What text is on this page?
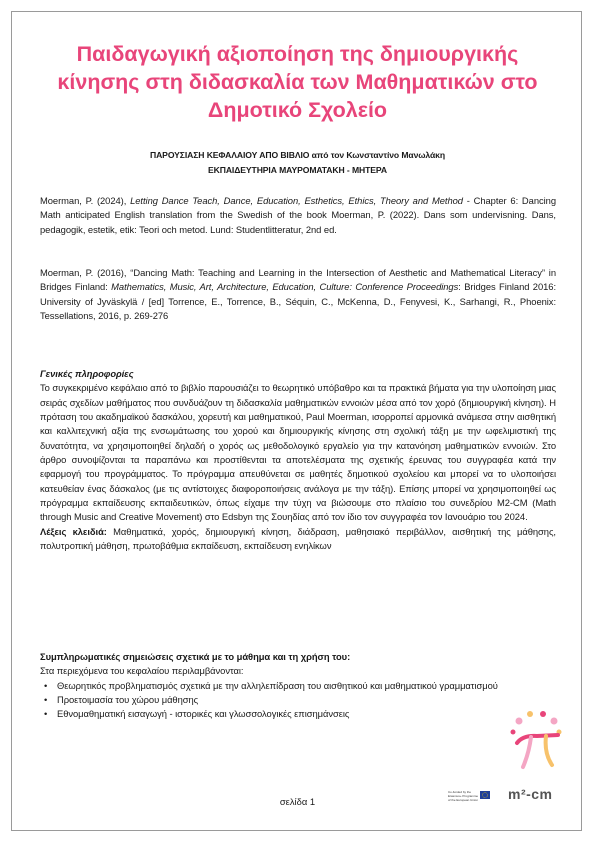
Παιδαγωγική αξιοποίηση της δημιουργικής κίνησης στη διδασκαλία των Μαθηματικών στο Δημοτικό Σχολείο
ΠΑΡΟΥΣΙΑΣΗ ΚΕΦΑΛΑΙΟΥ ΑΠΟ ΒΙΒΛΙΟ από τον Κωνσταντίνο Μανωλάκη
ΕΚΠΑΙΔΕΥΤΗΡΙΑ ΜΑΥΡΟΜΑΤΑΚΗ - ΜΗΤΕΡΑ
Moerman, P. (2024), Letting Dance Teach, Dance, Education, Esthetics, Ethics, Theory and Method - Chapter 6: Dancing Math anticipated English translation from the Swedish of the book Moerman, P. (2022). Dans som undervisning. Dans, pedagogik, estetik, etik: Teori och metod. Lund: Studentlitteratur, 2nd ed.
Moerman, P. (2016), “Dancing Math: Teaching and Learning in the Intersection of Aesthetic and Mathematical Literacy” in Bridges Finland: Mathematics, Music, Art, Architecture, Education, Culture: Conference Proceedings: Bridges Finland 2016: University of Jyväskylä / [ed] Torrence, E., Torrence, B., Séquin, C., McKenna, D., Fenyvesi, K., Sarhangi, R., Phoenix: Tessellations, 2016, p. 269-276
Γενικές πληροφορίες
Το συγκεκριμένο κεφάλαιο από το βιβλίο παρουσιάζει το θεωρητικό υπόβαθρο και τα πρακτικά βήματα για την υλοποίηση μιας σειράς σχεδίων μαθήματος που συνδυάζουν τη διδασκαλία μαθηματικών εννοιών μέσα από τον χορό (δημιουργική κίνηση). Η πρόταση του ακαδημαϊκού δασκάλου, χορευτή και μαθηματικού, Paul Moerman, ισορροπεί αρμονικά ανάμεσα στην αισθητική και καλλιτεχνική αξία της ενσωμάτωσης του χορού και δημιουργικής κίνησης στη σχολική τάξη με την ωφελιμιστική της δυνατότητα, να χρησιμοποιηθεί δηλαδή ο χορός ως μεθοδολογικό εργαλείο για την κατανόηση μαθηματικών εννοιών. Στο άρθρο συνοψίζονται τα παραπάνω και προστίθενται τα αποτελέσματα της σχετικής έρευνας του συγγραφέα κατά την εφαρμογή του προγράμματος. Το πρόγραμμα απευθύνεται σε μαθητές δημοτικού σχολείου και μπορεί να το υλοποιήσει κατευθείαν ένας δάσκαλος (με τις αντίστοιχες διαφοροποιήσεις ανάλογα με την τάξη). Επίσης μπορεί να χρησιμοποιηθεί ως πρόγραμμα εκπαίδευσης εκπαιδευτικών, όπως είχαμε την τύχη να βιώσουμε στο πλαίσιο του συνεδρίου M2-CM (Math through Music and Creative Movement) στο Edsbyn της Σουηδίας από τον ίδιο τον συγγραφέα τον Ιανουάριο του 2024.
Λέξεις κλειδιά: Μαθηματικά, χορός, δημιουργική κίνηση, διάδραση, μαθησιακό περιβάλλον, αισθητική της μάθησης, πολυτροπική μάθηση, πρωτοβάθμια εκπαίδευση, εκπαίδευση ενηλίκων
Συμπληρωματικές σημειώσεις σχετικά με το μάθημα και τη χρήση του:
Στα περιεχόμενα του κεφαλαίου περιλαμβάνονται:
• Θεωρητικός προβληματισμός σχετικά με την αλληλεπίδραση του αισθητικού και μαθηματικού γραμματισμού
• Προετοιμασία του χώρου μάθησης
• Εθνομαθηματική εισαγωγή - ιστορικές και γλωσσολογικές επισημάνσεις
Co-funded by the
Erasmus+ Programme
of the European Union m²-cm
σελίδα 1
